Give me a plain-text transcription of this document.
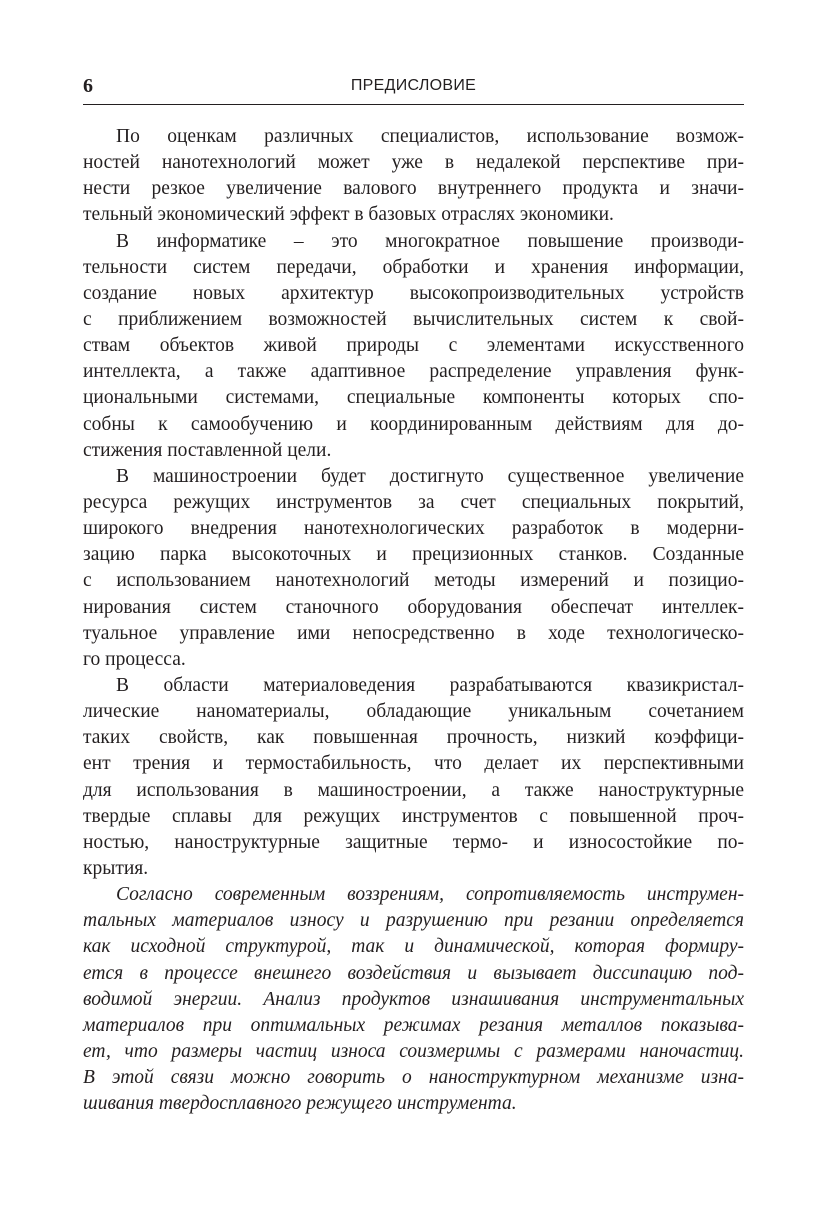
6	ПРЕДИСЛОВИЕ
По оценкам различных специалистов, использование возмож-
ностей нанотехнологий может уже в недалекой перспективе при-
нести резкое увеличение валового внутреннего продукта и значи-
тельный экономический эффект в базовых отраслях экономики.
В информатике – это многократное повышение производи-
тельности систем передачи, обработки и хранения информации,
создание новых архитектур высокопроизводительных устройств
с приближением возможностей вычислительных систем к свой-
ствам объектов живой природы с элементами искусственного
интеллекта, а также адаптивное распределение управления функ-
циональными системами, специальные компоненты которых спо-
собны к самообучению и координированным действиям для до-
стижения поставленной цели.
В машиностроении будет достигнуто существенное увеличение
ресурса режущих инструментов за счет специальных покрытий,
широкого внедрения нанотехнологических разработок в модерни-
зацию парка высокоточных и прецизионных станков. Созданные
с использованием нанотехнологий методы измерений и позицио-
нирования систем станочного оборудования обеспечат интеллек-
туальное управление ими непосредственно в ходе технологическо-
го процесса.
В области материаловедения разрабатываются квазикристал-
лические наноматериалы, обладающие уникальным сочетанием
таких свойств, как повышенная прочность, низкий коэффици-
ент трения и термостабильность, что делает их перспективными
для использования в машиностроении, а также наноструктурные
твердые сплавы для режущих инструментов с повышенной проч-
ностью, наноструктурные защитные термо- и износостойкие по-
крытия.
Согласно современным воззрениям, сопротивляемость инструмен-
тальных материалов износу и разрушению при резании определяется
как исходной структурой, так и динамической, которая формиру-
ется в процессе внешнего воздействия и вызывает диссипацию под-
водимой энергии. Анализ продуктов изнашивания инструментальных
материалов при оптимальных режимах резания металлов показыва-
ет, что размеры частиц износа соизмеримы с размерами наночастиц.
В этой связи можно говорить о наноструктурном механизме изна-
шивания твердосплавного режущего инструмента.
